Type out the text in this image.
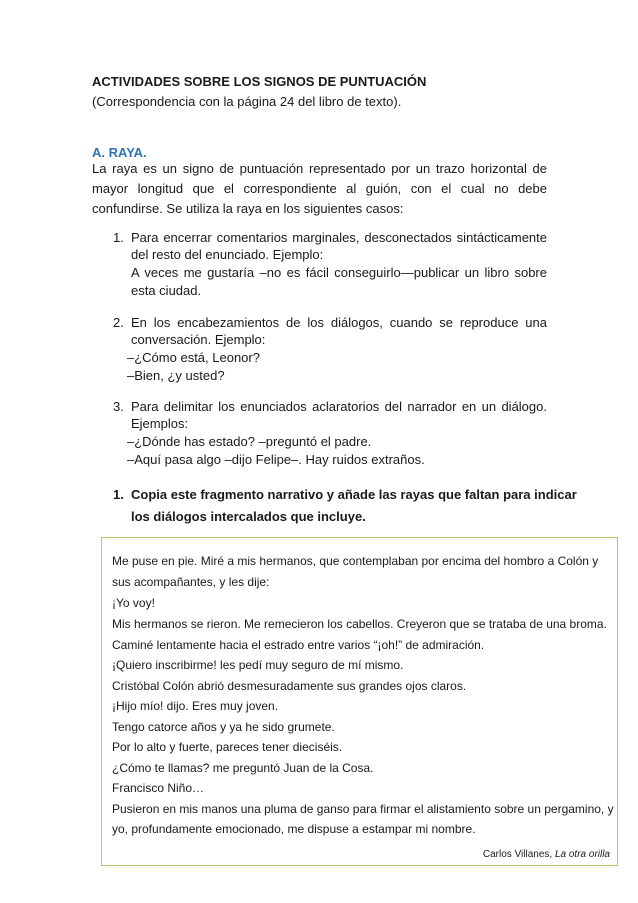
ACTIVIDADES SOBRE LOS SIGNOS DE PUNTUACIÓN

(Correspondencia con la página 24 del libro de texto).

A. RAYA.

La raya es un signo de puntuación representado por un trazo horizontal de

mayor longitud que el correspondiente al guión, con el cual no debe

confundirse. Se utiliza la raya en los siguientes casos:

1. Para encerrar comentarios marginales, desconectados sintácticamente

del resto del enunciado. Ejemplo:

A veces me gustaría –no es fácil conseguirlo—publicar un libro sobre

esta ciudad.

2. En los encabezamientos de los diálogos, cuando se reproduce una

conversación. Ejemplo:

–¿Cómo está, Leonor?

–Bien, ¿y usted?

3. Para delimitar los enunciados aclaratorios del narrador en un diálogo.

Ejemplos:

–¿Dónde has estado? –preguntó el padre.

–Aquí pasa algo –dijo Felipe–. Hay ruidos extraños.

1. Copia este fragmento narrativo y añade las rayas que faltan para indicar

los diálogos intercalados que incluye.

Me puse en pie. Miré a mis hermanos, que contemplaban por encima del hombro a Colón y

sus acompañantes, y les dije:

¡Yo voy!

Mis hermanos se rieron. Me remecieron los cabellos. Creyeron que se trataba de una broma.

Caminé lentamente hacia el estrado entre varios “¡oh!” de admiración.

¡Quiero inscribirme! les pedí muy seguro de mí mismo.

Cristóbal Colón abrió desmesuradamente sus grandes ojos claros.

¡Hijo mío! dijo. Eres muy joven.

Tengo catorce años y ya he sido grumete.

Por lo alto y fuerte, pareces tener dieciséis.

¿Cómo te llamas? me preguntó Juan de la Cosa.

Francisco Niño…

Pusieron en mis manos una pluma de ganso para firmar el alistamiento sobre un pergamino, y

yo, profundamente emocionado, me dispuse a estampar mi nombre.

Carlos Villanes, La otra orilla
